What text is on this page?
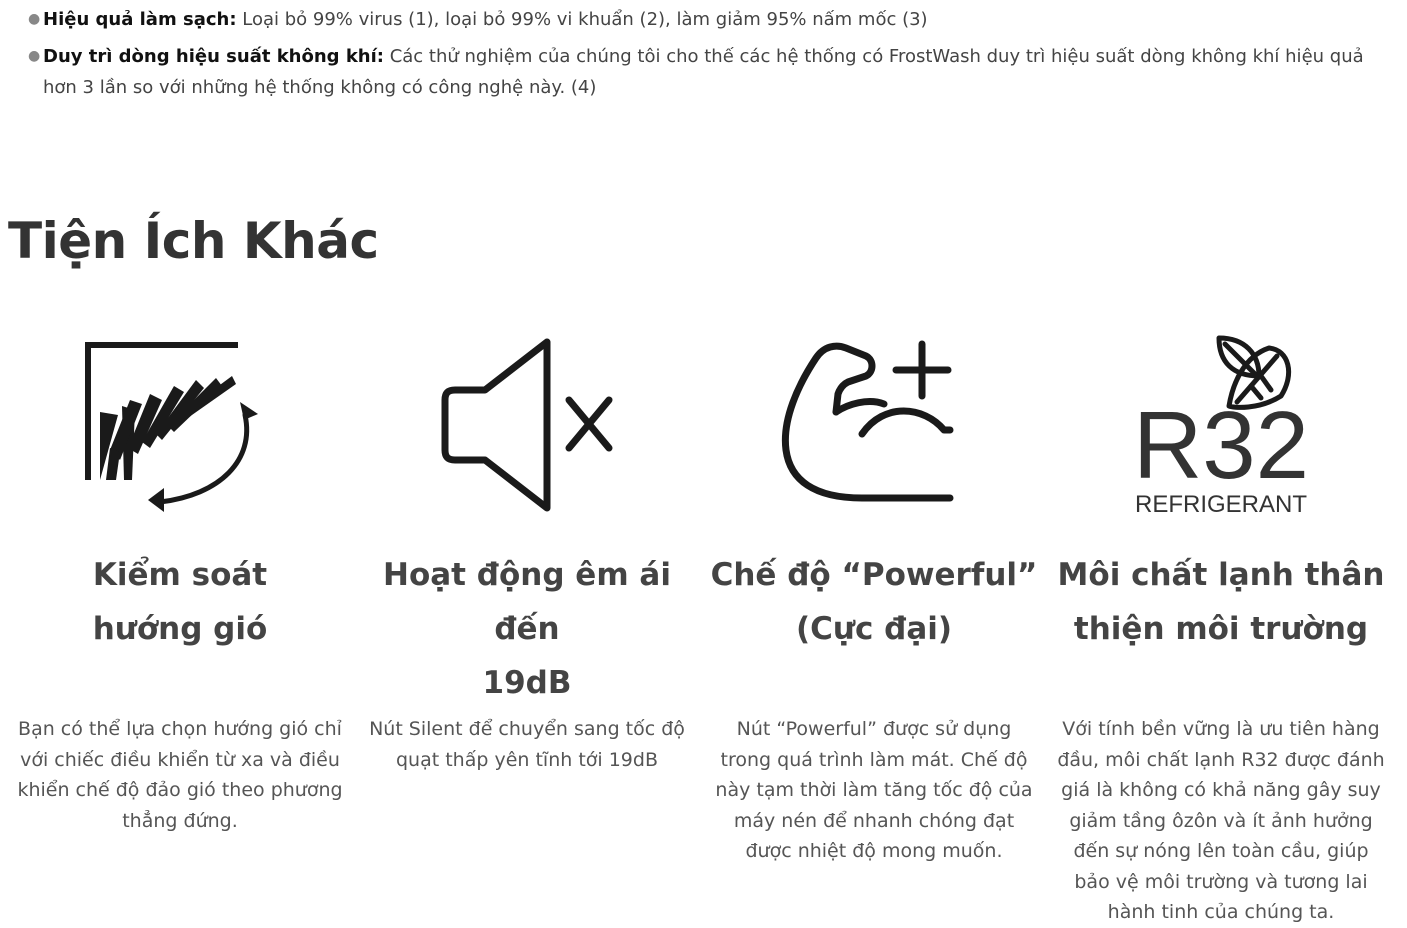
● Hiệu quả làm sạch: Loại bỏ 99% virus (1), loại bỏ 99% vi khuẩn (2), làm giảm 95% nấm mốc (3)
● Duy trì dòng hiệu suất không khí: Các thử nghiệm của chúng tôi cho thế các hệ thống có FrostWash duy trì hiệu suất dòng không khí hiệu quả hơn 3 lần so với những hệ thống không có công nghệ này. (4)
Tiện Ích Khác
Kiểm soát
hướng gió

Bạn có thể lựa chọn hướng gió chỉ với chiếc điều khiển từ xa và điều khiển chế độ đảo gió theo phương thẳng đứng.

Hoạt động êm ái đến
19dB

Nút Silent để chuyển sang tốc độ quạt thấp yên tĩnh tới 19dB

Chế độ “Powerful”
(Cực đại)

Nút “Powerful” được sử dụng trong quá trình làm mát. Chế độ này tạm thời làm tăng tốc độ của máy nén để nhanh chóng đạt được nhiệt độ mong muốn.

R32
REFRIGERANT
Môi chất lạnh thân
thiện môi trường

Với tính bền vững là ưu tiên hàng đầu, môi chất lạnh R32 được đánh giá là không có khả năng gây suy giảm tầng ôzôn và ít ảnh hưởng đến sự nóng lên toàn cầu, giúp bảo vệ môi trường và tương lai hành tinh của chúng ta.
